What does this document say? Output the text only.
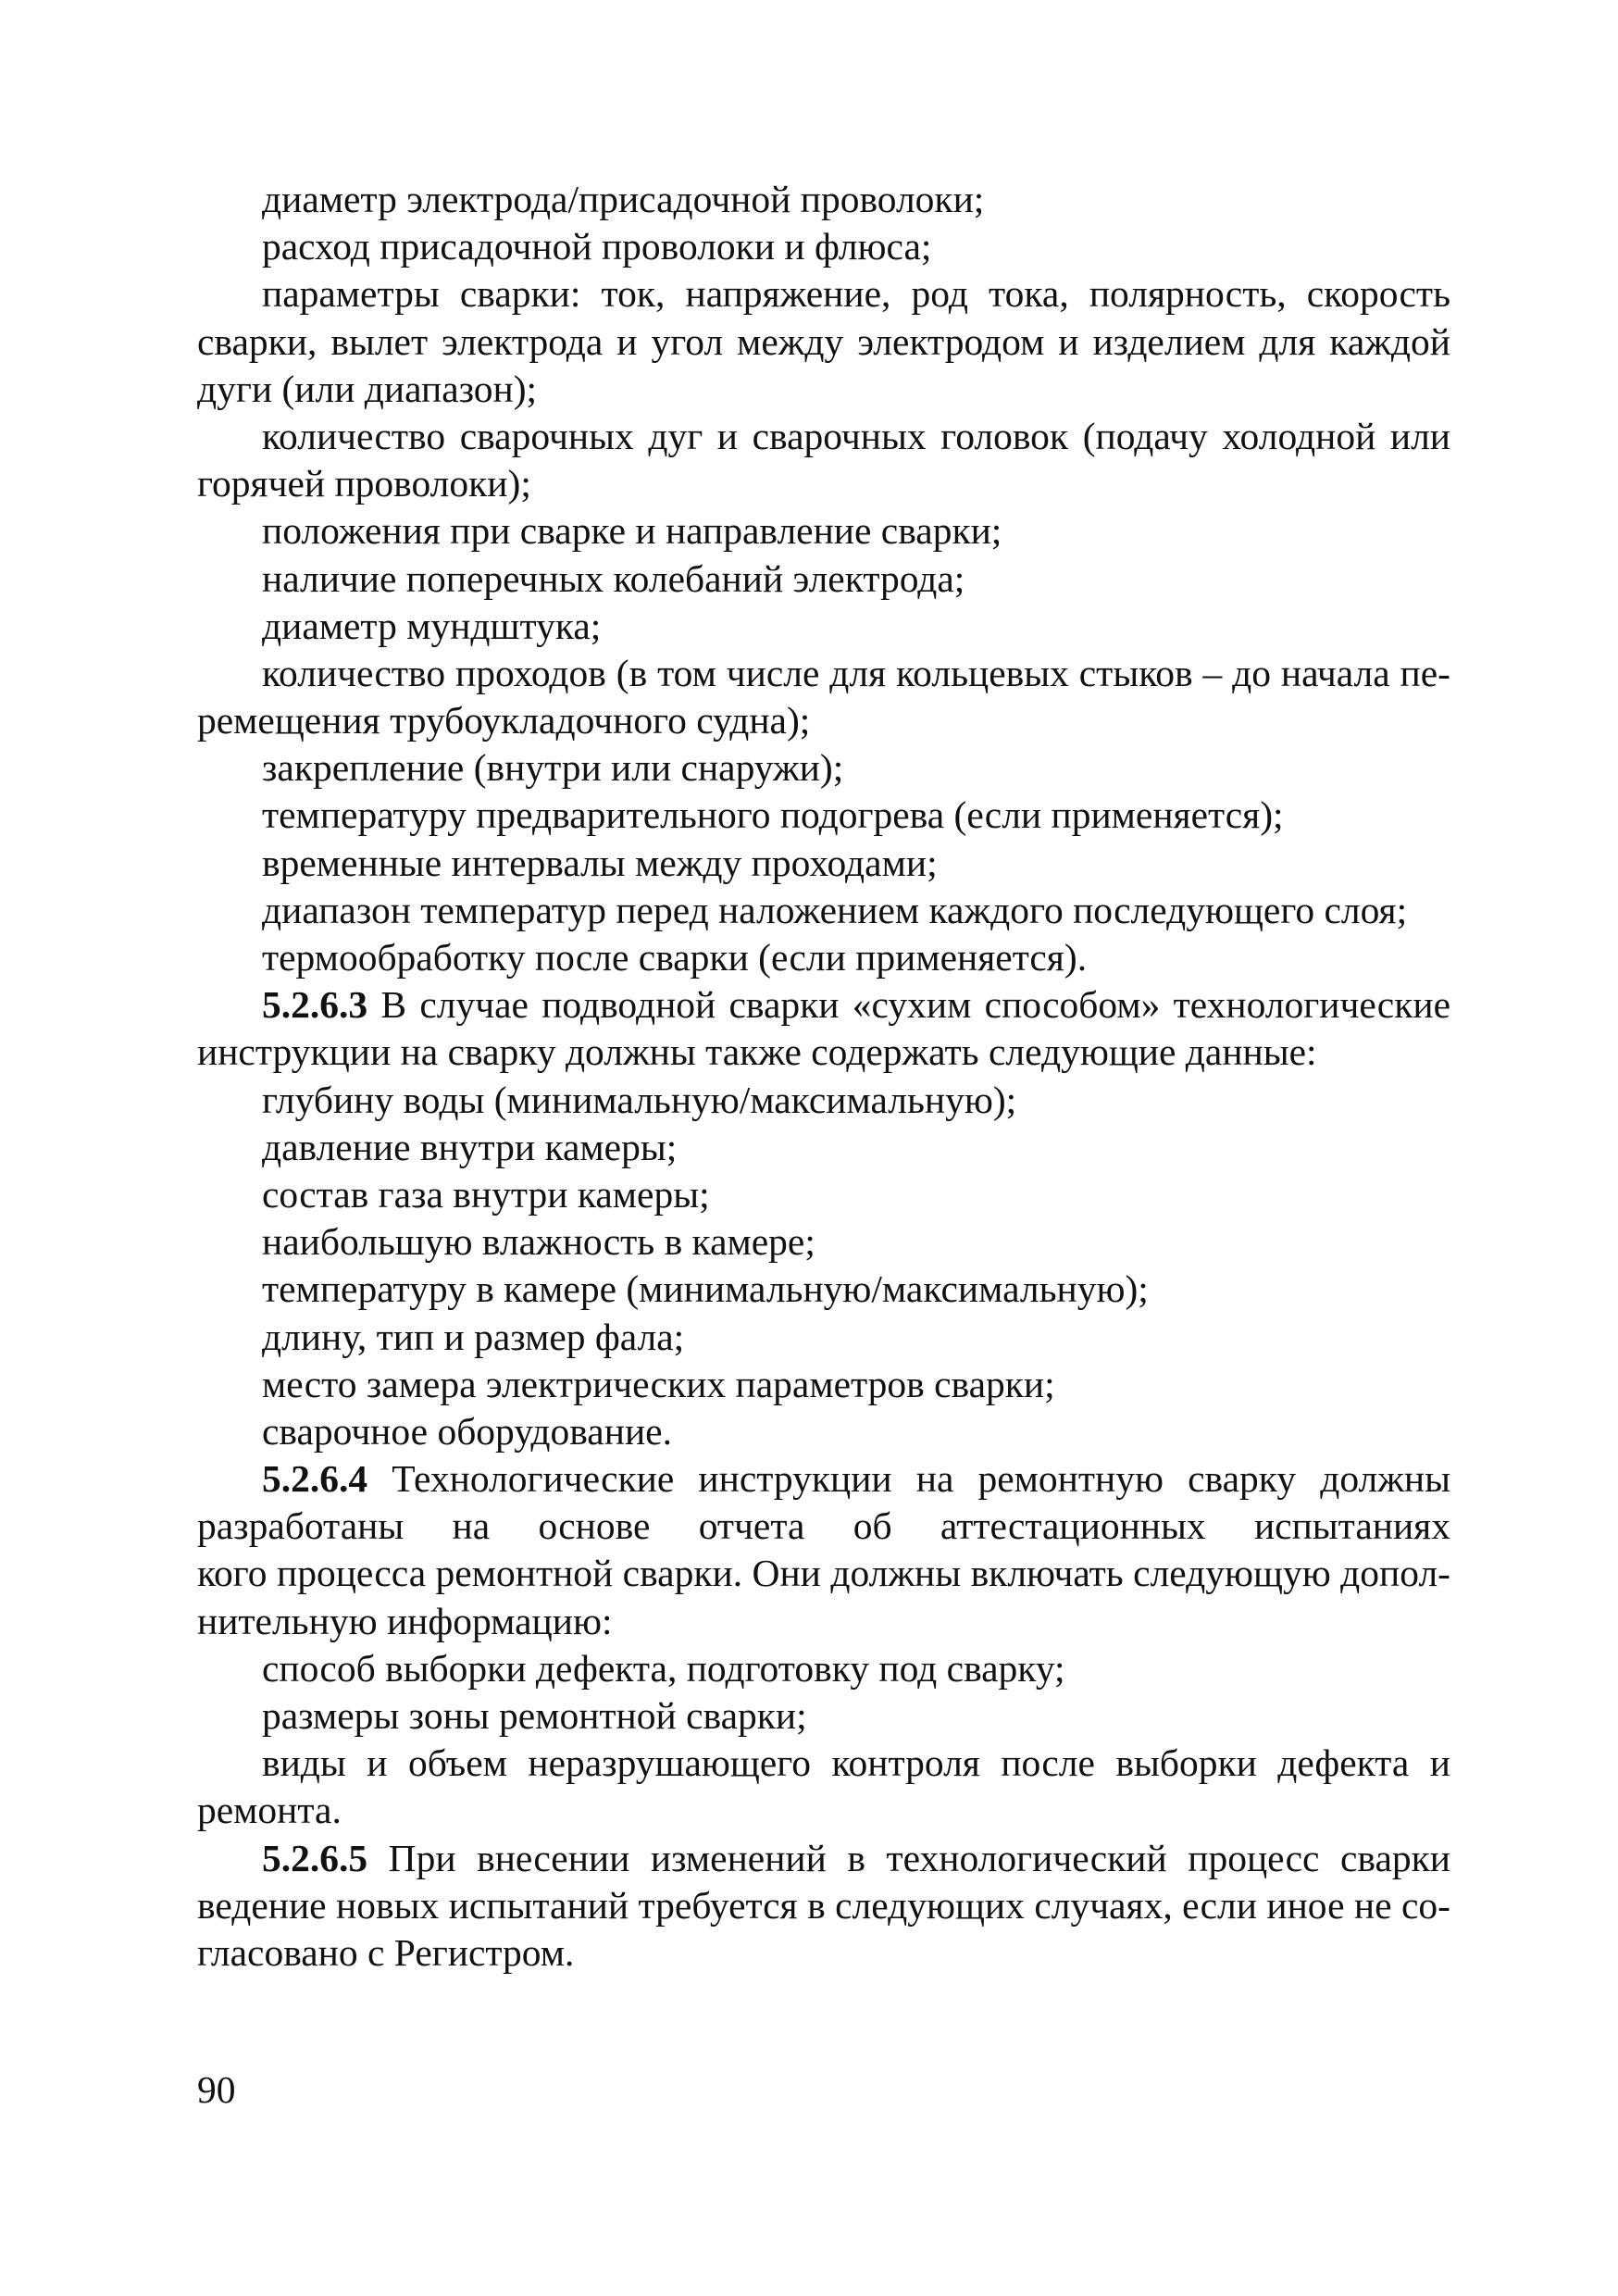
диаметр электрода/присадочной проволоки;
расход присадочной проволоки и флюса;
параметры сварки: ток, напряжение, род тока, полярность, скорость
сварки, вылет электрода и угол между электродом и изделием для каждой
дуги (или диапазон);
количество сварочных дуг и сварочных головок (подачу холодной или
горячей проволоки);
положения при сварке и направление сварки;
наличие поперечных колебаний электрода;
диаметр мундштука;
количество проходов (в том числе для кольцевых стыков – до начала пе-
ремещения трубоукладочного судна);
закрепление (внутри или снаружи);
температуру предварительного подогрева (если применяется);
временные интервалы между проходами;
диапазон температур перед наложением каждого последующего слоя;
термообработку после сварки (если применяется).
5.2.6.3 В случае подводной сварки «сухим способом» технологические
инструкции на сварку должны также содержать следующие данные:
глубину воды (минимальную/максимальную);
давление внутри камеры;
состав газа внутри камеры;
наибольшую влажность в камере;
температуру в камере (минимальную/максимальную);
длину, тип и размер фала;
место замера электрических параметров сварки;
сварочное оборудование.
5.2.6.4 Технологические инструкции на ремонтную сварку должны
разработаны на основе отчета об аттестационных испытаниях
кого процесса ремонтной сварки. Они должны включать следующую допол-
нительную информацию:
способ выборки дефекта, подготовку под сварку;
размеры зоны ремонтной сварки;
виды и объем неразрушающего контроля после выборки дефекта и
ремонта.
5.2.6.5 При внесении изменений в технологический процесс сварки
ведение новых испытаний требуется в следующих случаях, если иное не со-
гласовано с Регистром.
90
